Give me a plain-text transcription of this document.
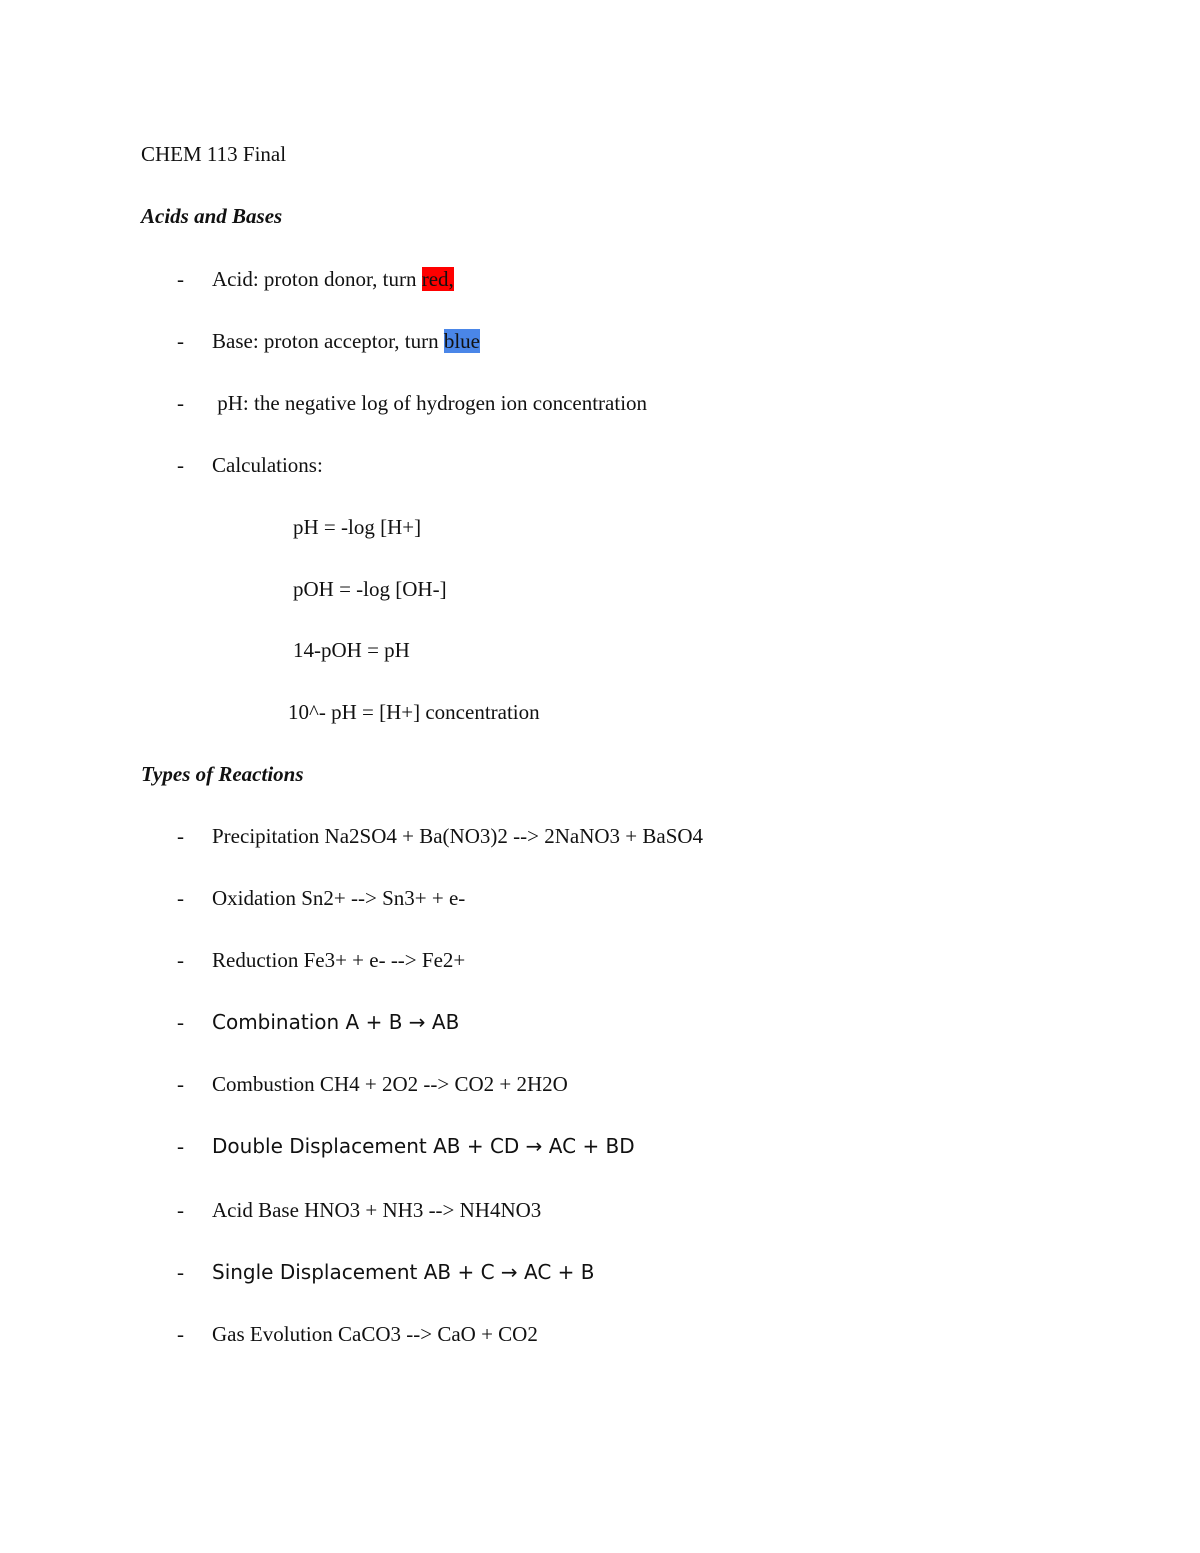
CHEM 113 Final
Acids and Bases
- Acid: proton donor, turn red,
- Base: proton acceptor, turn blue
- pH: the negative log of hydrogen ion concentration
- Calculations:
pH = -log [H+]
pOH = -log [OH-]
14-pOH = pH
10^- pH = [H+] concentration
Types of Reactions
- Precipitation Na2SO4 + Ba(NO3)2 --> 2NaNO3 + BaSO4
- Oxidation Sn2+ --> Sn3+ + e-
- Reduction Fe3+ + e- --> Fe2+
- Combination A + B → AB
- Combustion CH4 + 2O2 --> CO2 + 2H2O
- Double Displacement AB + CD → AC + BD
- Acid Base HNO3 + NH3 --> NH4NO3
- Single Displacement AB + C → AC + B
- Gas Evolution CaCO3 --> CaO + CO2
